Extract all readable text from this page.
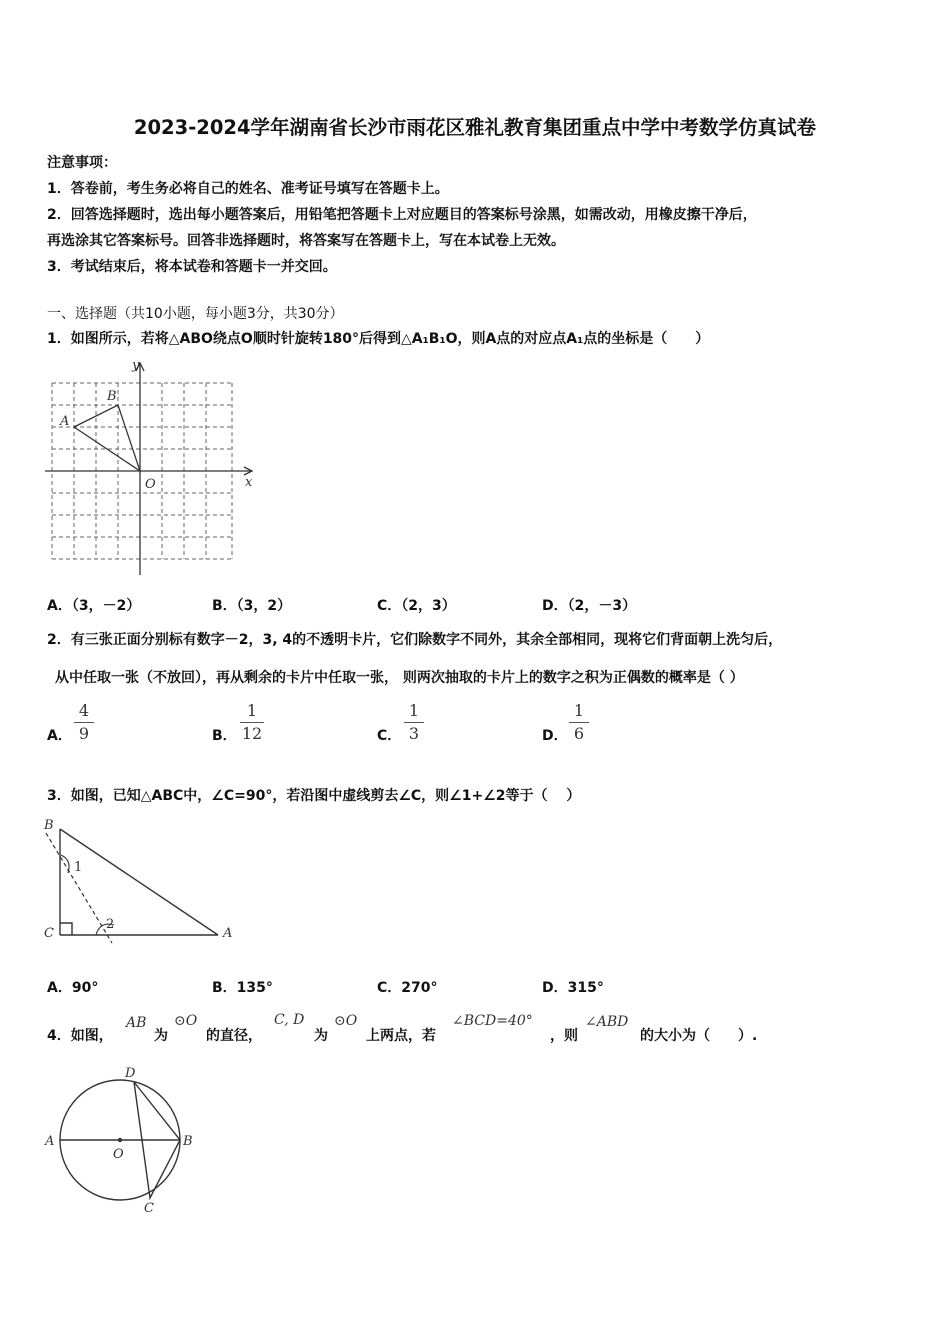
2023-2024学年湖南省长沙市雨花区雅礼教育集团重点中学中考数学仿真试卷
注意事项：
1．答卷前，考生务必将自己的姓名、准考证号填写在答题卡上。
2．回答选择题时，选出每小题答案后，用铅笔把答题卡上对应题目的答案标号涂黑，如需改动，用橡皮擦干净后，
再选涂其它答案标号。回答非选择题时，将答案写在答题卡上，写在本试卷上无效。
3．考试结束后，将本试卷和答题卡一并交回。
一、选择题（共10小题，每小题3分，共30分）
1．如图所示，若将△ABO绕点O顺时针旋转180°后得到△A₁B₁O，则A点的对应点A₁点的坐标是（　　）
y
x
A
B
O
A．（3，－2）	B．（3，2）	C．（2，3）	D．（2，－3）
2．有三张正面分别标有数字－2，3, 4的不透明卡片，它们除数字不同外，其余全部相同，现将它们背面朝上洗匀后，
从中任取一张（不放回），再从剩余的卡片中任取一张， 则两次抽取的卡片上的数字之积为正偶数的概率是（ ）
A．
4
9	B．
1
12	C．
1
3	D．
1
6
3．如图，已知△ABC中，∠C=90°，若沿图中虚线剪去∠C，则∠1+∠2等于（　 ）
B
C	A
1
2
A．90°	B．135°	C．270°	D．315°
4．如图，
AB
为
⊙O
的直径，
C, D
为
⊙O
上两点，若
∠BCD=40°
，则
∠ABD
的大小为（　　）.
A	B
C
D
O
